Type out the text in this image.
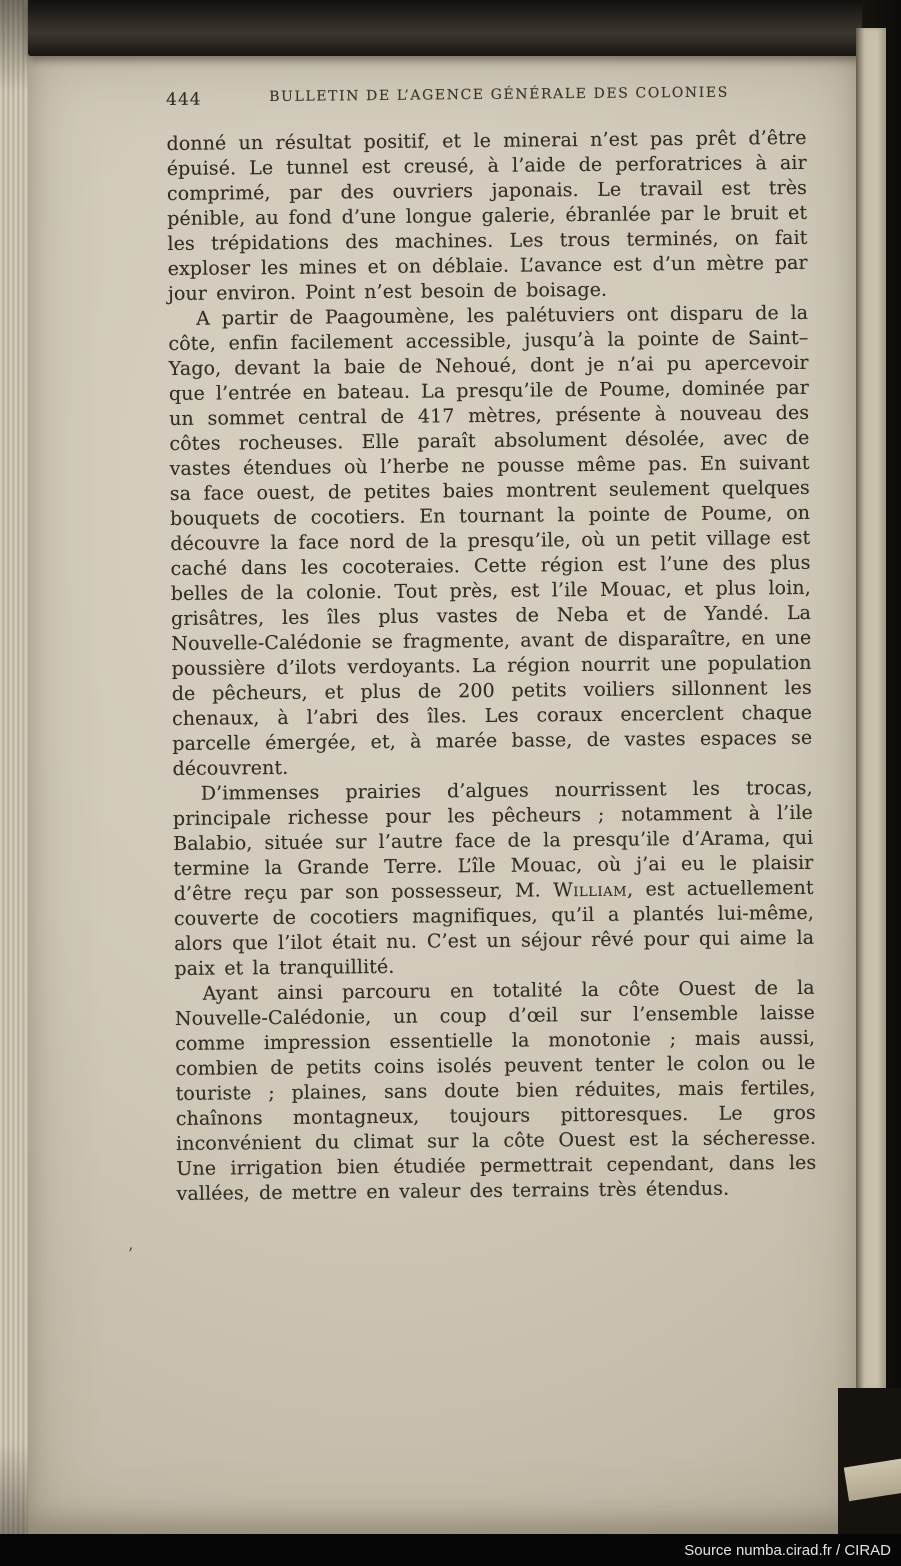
444	BULLETIN DE L’AGENCE GÉNÉRALE DES COLONIES

donné un résultat positif, et le minerai n’est pas prêt d’être épuisé. Le tunnel est creusé, à l’aide de perforatrices à air comprimé, par des ouvriers japonais. Le travail est très pénible, au fond d’une longue galerie, ébranlée par le bruit et les trépidations des machines. Les trous terminés, on fait exploser les mines et on déblaie. L’avance est d’un mètre par jour environ. Point n’est besoin de boisage.

A partir de Paagoumène, les palétuviers ont disparu de la côte, enfin facilement accessible, jusqu’à la pointe de Saint–Yago, devant la baie de Nehoué, dont je n’ai pu apercevoir que l’entrée en bateau. La presqu’ile de Poume, dominée par un sommet central de 417 mètres, présente à nouveau des côtes rocheuses. Elle paraît absolument désolée, avec de vastes étendues où l’herbe ne pousse même pas. En suivant sa face ouest, de petites baies montrent seulement quelques bouquets de cocotiers. En tournant la pointe de Poume, on découvre la face nord de la presqu’ile, où un petit village est caché dans les cocoteraies. Cette région est l’une des plus belles de la colonie. Tout près, est l’ile Mouac, et plus loin, grisâtres, les îles plus vastes de Neba et de Yandé. La Nouvelle-Calédonie se fragmente, avant de disparaître, en une poussière d’ilots verdoyants. La région nourrit une population de pêcheurs, et plus de 200 petits voiliers sillonnent les chenaux, à l’abri des îles. Les coraux encerclent chaque parcelle émergée, et, à marée basse, de vastes espaces se découvrent.

D’immenses prairies d’algues nourrissent les trocas, principale richesse pour les pêcheurs ; notamment à l’ile Balabio, située sur l’autre face de la presqu’ile d’Arama, qui termine la Grande Terre. L’île Mouac, où j’ai eu le plaisir d’être reçu par son possesseur, M. William, est actuellement couverte de cocotiers magnifiques, qu’il a plantés lui-même, alors que l’ilot était nu. C’est un séjour rêvé pour qui aime la paix et la tranquillité.

Ayant ainsi parcouru en totalité la côte Ouest de la Nouvelle-Calédonie, un coup d’œil sur l’ensemble laisse comme impression essentielle la monotonie ; mais aussi, combien de petits coins isolés peuvent tenter le colon ou le touriste ; plaines, sans doute bien réduites, mais fertiles, chaînons montagneux, toujours pittoresques. Le gros inconvénient du climat sur la côte Ouest est la sécheresse. Une irrigation bien étudiée permettrait cependant, dans les vallées, de mettre en valeur des terrains très étendus.

’
Source numba.cirad.fr / CIRAD
